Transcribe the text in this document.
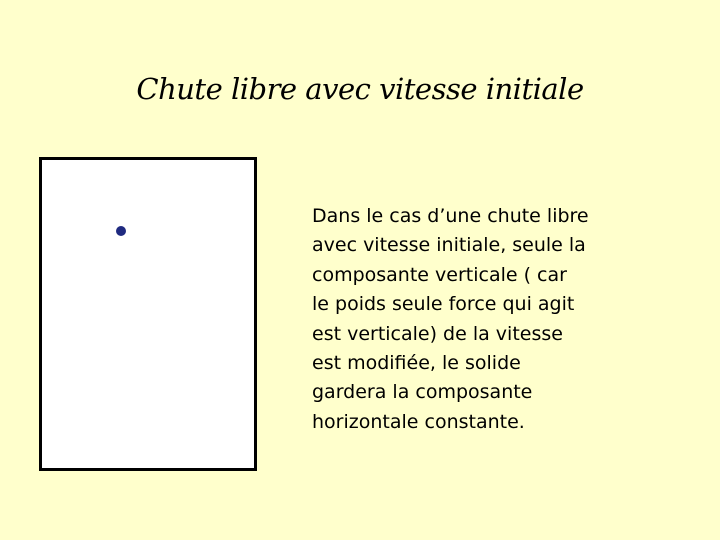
Chute libre avec vitesse initiale
Dans le cas d’une chute libre
avec vitesse initiale, seule la
composante verticale ( car
le poids seule force qui agit
est verticale) de la vitesse
est modifiée, le solide
gardera la composante
horizontale constante.
